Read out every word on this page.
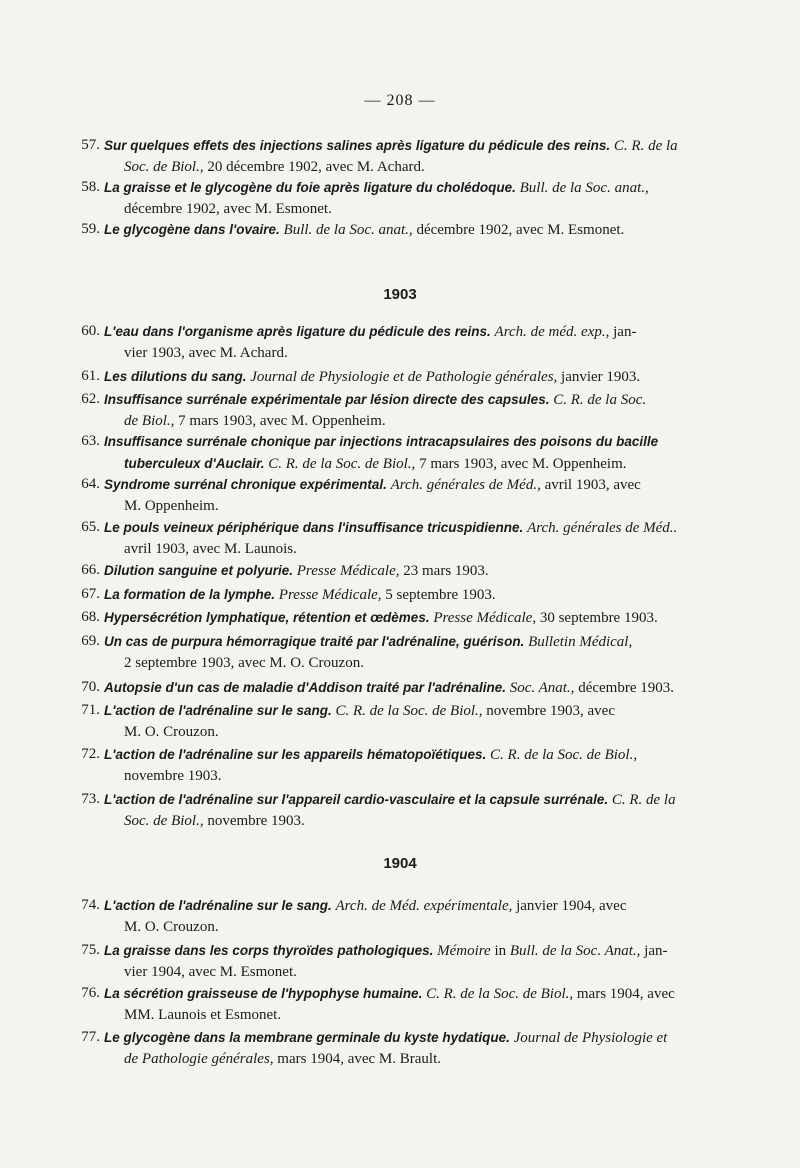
— 208 —
1903
1904
57. Sur quelques effets des injections salines après ligature du pédicule des reins. C. R. de la
Soc. de Biol., 20 décembre 1902, avec M. Achard.
58. La graisse et le glycogène du foie après ligature du cholédoque. Bull. de la Soc. anat.,
décembre 1902, avec M. Esmonet.
59. Le glycogène dans l'ovaire. Bull. de la Soc. anat., décembre 1902, avec M. Esmonet.
60. L'eau dans l'organisme après ligature du pédicule des reins. Arch. de méd. exp., jan-
vier 1903, avec M. Achard.
61. Les dilutions du sang. Journal de Physiologie et de Pathologie générales, janvier 1903.
62. Insuffisance surrénale expérimentale par lésion directe des capsules. C. R. de la Soc.
de Biol., 7 mars 1903, avec M. Oppenheim.
63. Insuffisance surrénale chonique par injections intracapsulaires des poisons du bacille
tuberculeux d'Auclair. C. R. de la Soc. de Biol., 7 mars 1903, avec M. Oppenheim.
64. Syndrome surrénal chronique expérimental. Arch. générales de Méd., avril 1903, avec
M. Oppenheim.
65. Le pouls veineux périphérique dans l'insuffisance tricuspidienne. Arch. générales de Méd..
avril 1903, avec M. Launois.
66. Dilution sanguine et polyurie. Presse Médicale, 23 mars 1903.
67. La formation de la lymphe. Presse Médicale, 5 septembre 1903.
68. Hypersécrétion lymphatique, rétention et œdèmes. Presse Médicale, 30 septembre 1903.
69. Un cas de purpura hémorragique traité par l'adrénaline, guérison. Bulletin Médical,
2 septembre 1903, avec M. O. Crouzon.
70. Autopsie d'un cas de maladie d'Addison traité par l'adrénaline. Soc. Anat., décembre 1903.
71. L'action de l'adrénaline sur le sang. C. R. de la Soc. de Biol., novembre 1903, avec
M. O. Crouzon.
72. L'action de l'adrénaline sur les appareils hématopoïétiques. C. R. de la Soc. de Biol.,
novembre 1903.
73. L'action de l'adrénaline sur l'appareil cardio-vasculaire et la capsule surrénale. C. R. de la
Soc. de Biol., novembre 1903.
74. L'action de l'adrénaline sur le sang. Arch. de Méd. expérimentale, janvier 1904, avec
M. O. Crouzon.
75. La graisse dans les corps thyroïdes pathologiques. Mémoire in Bull. de la Soc. Anat., jan-
vier 1904, avec M. Esmonet.
76. La sécrétion graisseuse de l'hypophyse humaine. C. R. de la Soc. de Biol., mars 1904, avec
MM. Launois et Esmonet.
77. Le glycogène dans la membrane germinale du kyste hydatique. Journal de Physiologie et
de Pathologie générales, mars 1904, avec M. Brault.
